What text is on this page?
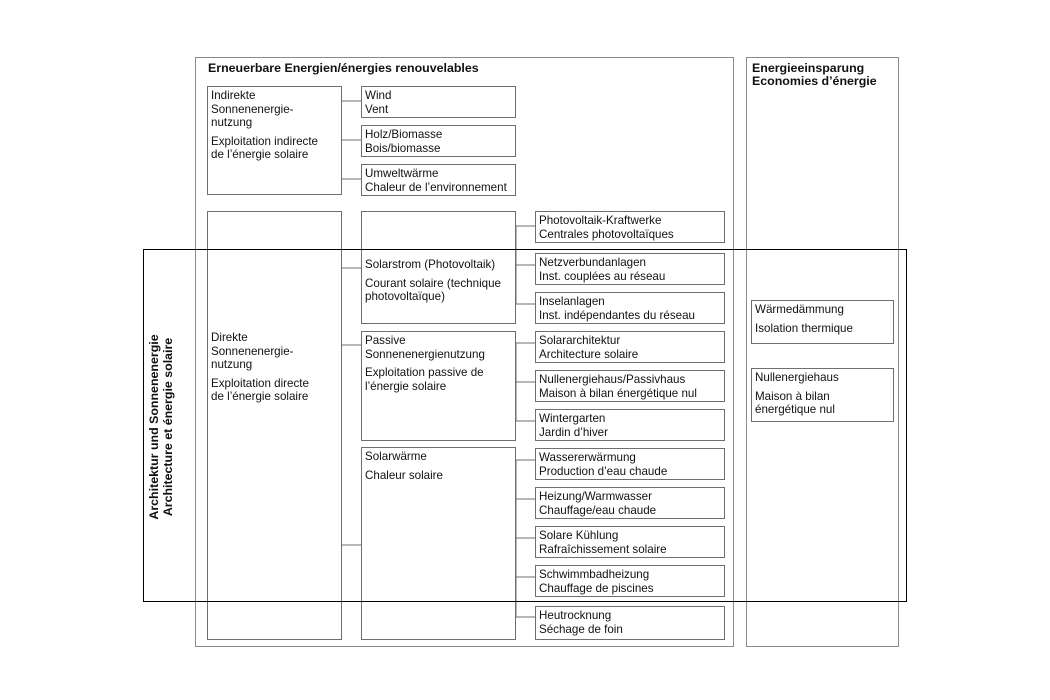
Erneuerbare Energien/énergies renouvelables	Energieeinsparung
Economies d’énergie
Indirekte
Sonnenenergie-
nutzung
Exploitation indirecte
de l’énergie solaire
Wind
Vent
Holz/Biomasse
Bois/biomasse
Umweltwärme
Chaleur de l’environnement
Direkte
Sonnenenergie-
nutzung
Exploitation directe
de l’énergie solaire
Solarstrom (Photovoltaik)
Courant solaire (technique
photovoltaïque)
Passive
Sonnenenergienutzung
Exploitation passive de
l’énergie solaire
Solarwärme
Chaleur solaire
Photovoltaik-Kraftwerke
Centrales photovoltaïques
Netzverbundanlagen
Inst. couplées au réseau
Inselanlagen
Inst. indépendantes du réseau
Solararchitektur
Architecture solaire
Nullenergiehaus/Passivhaus
Maison à bilan énergétique nul
Wintergarten
Jardin d’hiver
Wassererwärmung
Production d’eau chaude
Heizung/Warmwasser
Chauffage/eau chaude
Solare Kühlung
Rafraîchissement solaire
Schwimmbadheizung
Chauffage de piscines
Heutrocknung
Séchage de foin
Wärmedämmung
Isolation thermique
Nullenergiehaus
Maison à bilan
énergétique nul
Architektur und Sonnenenergie Architecture et énergie solaire
